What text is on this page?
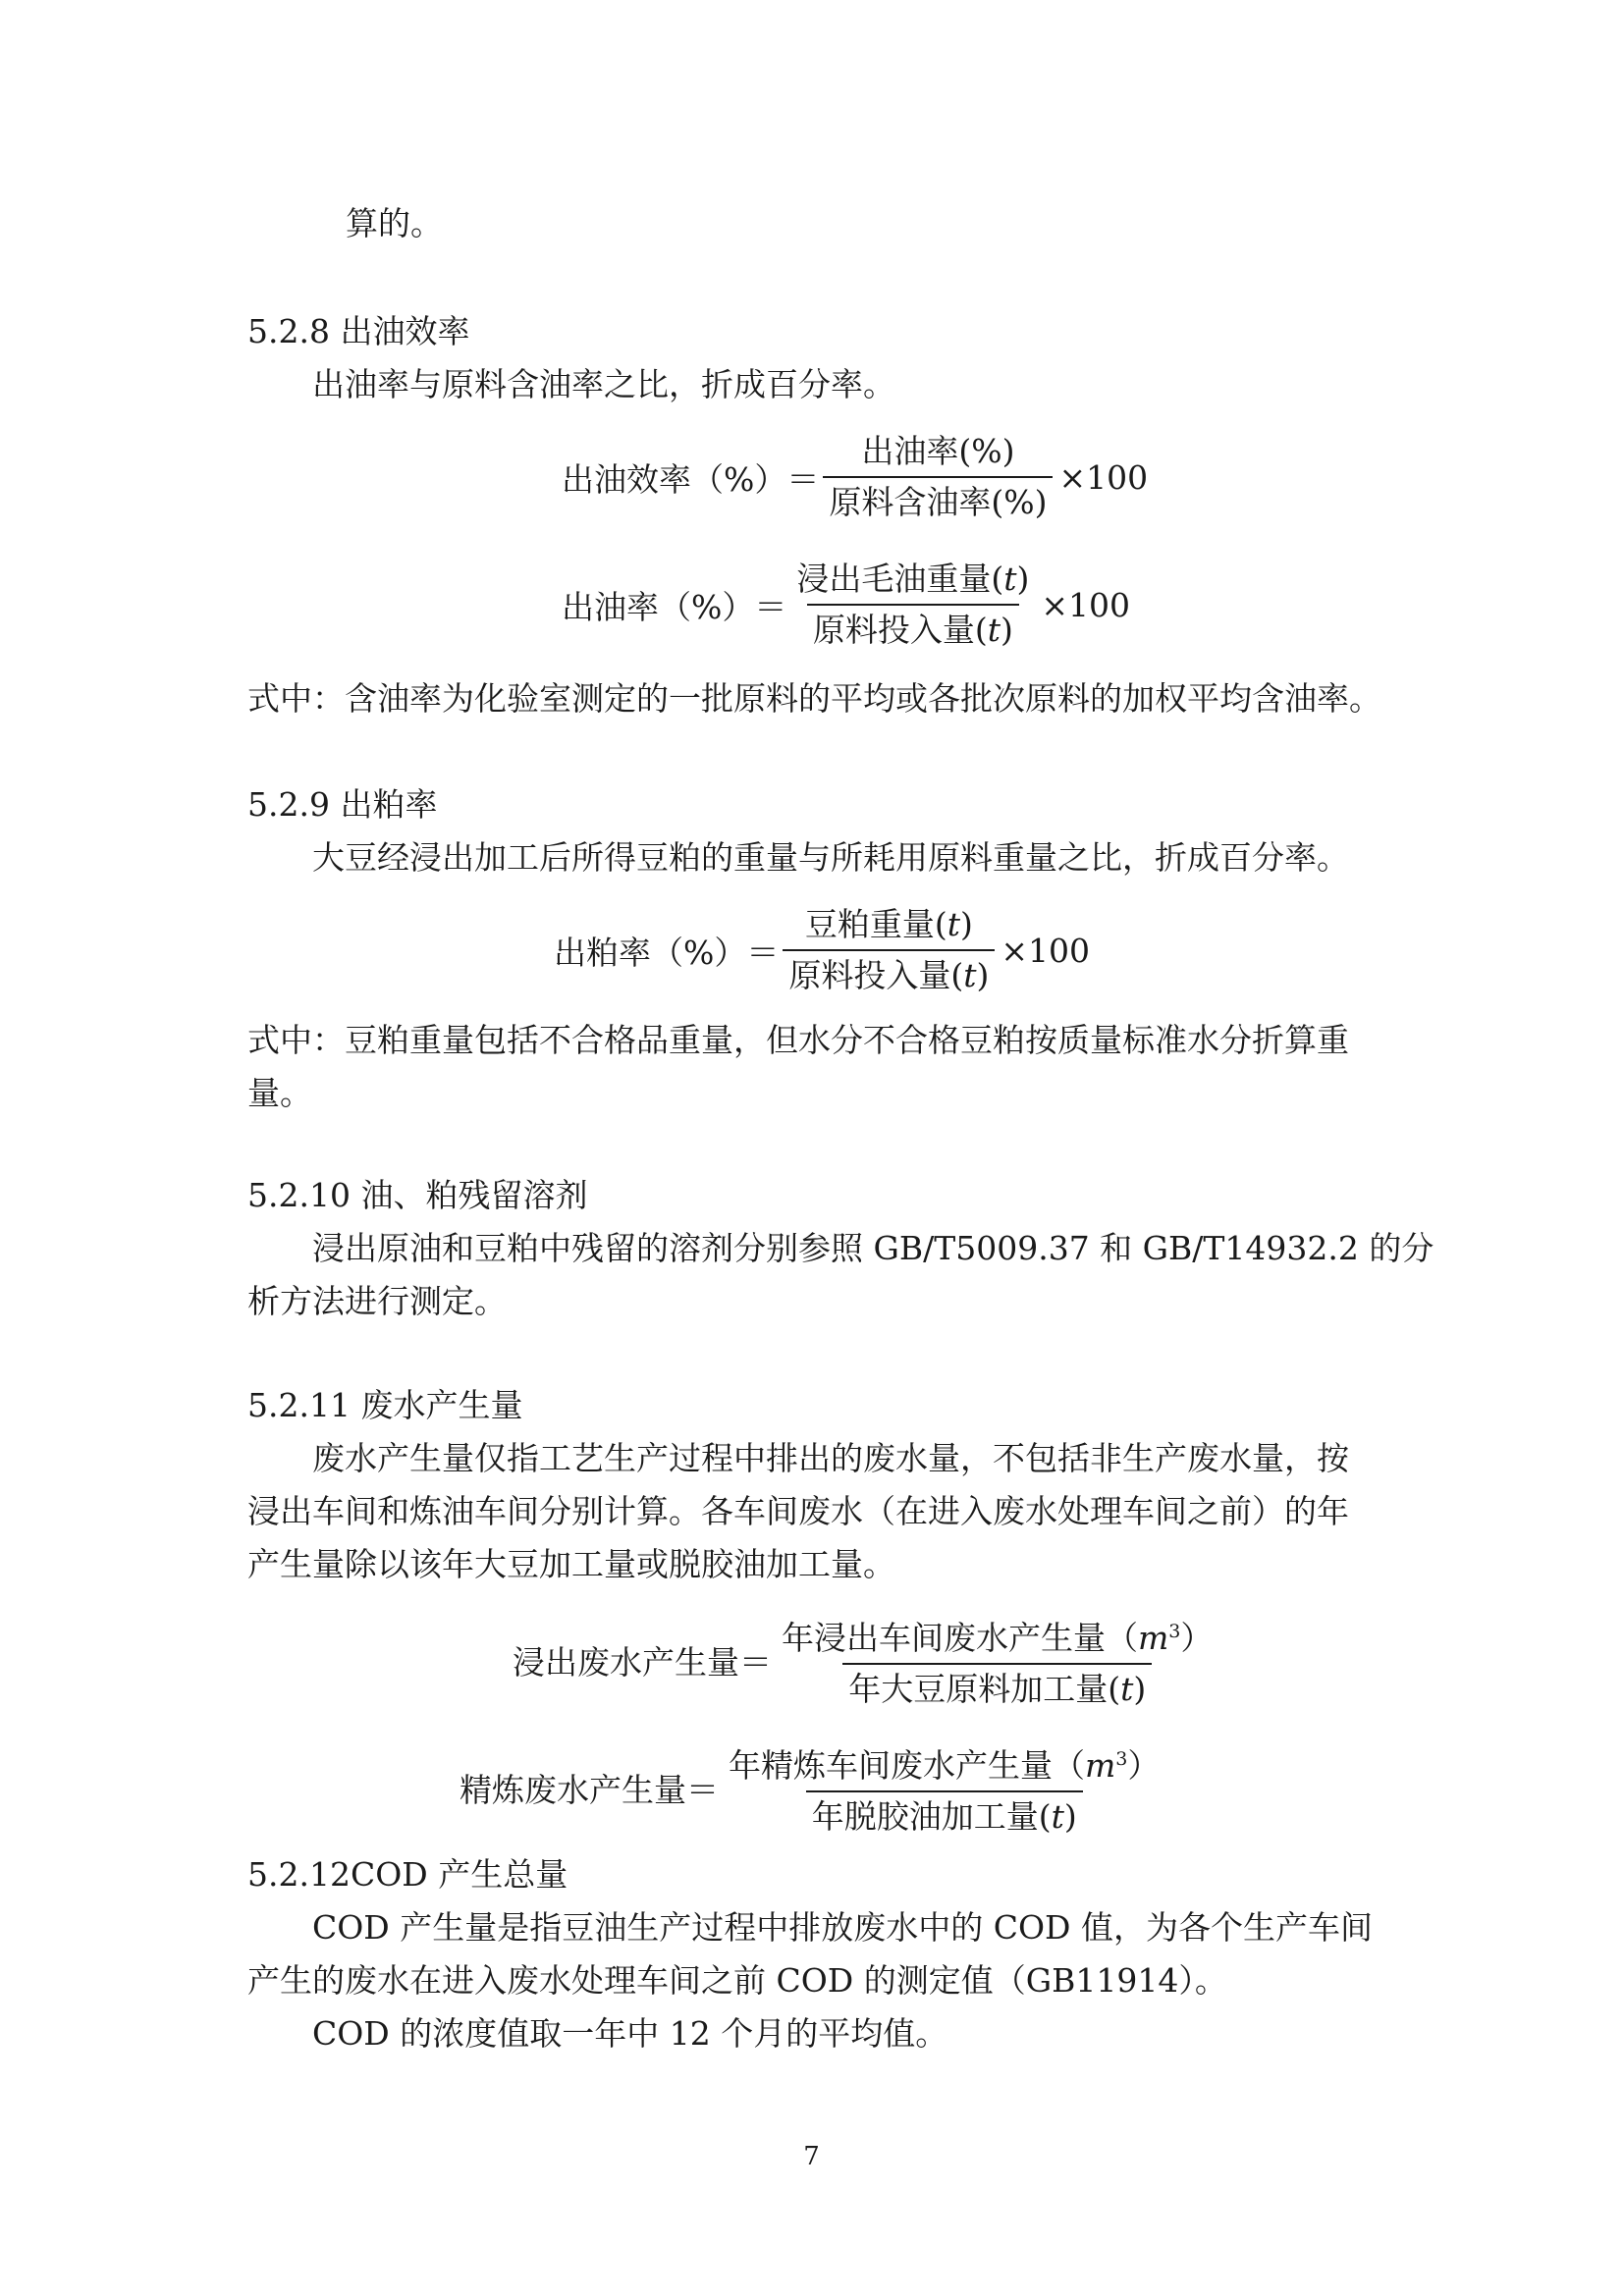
算的。
5.2.8 出油效率
出油率与原料含油率之比，折成百分率。
出油效率（%）＝ $\frac{\text{出油率(\%)}}{\text{原料含油率(\%)}} \times 100$
出油率（%）＝ $\frac{\text{浸出毛油重量(t)}}{\text{原料投入量(t)}} \times 100$
式中：含油率为化验室测定的一批原料的平均或各批次原料的加权平均含油率。
5.2.9 出粕率
大豆经浸出加工后所得豆粕的重量与所耗用原料重量之比，折成百分率。
出粕率（%）＝ $\frac{\text{豆粕重量(t)}}{\text{原料投入量(t)}} \times 100$
式中：豆粕重量包括不合格品重量，但水分不合格豆粕按质量标准水分折算重
量。
5.2.10 油、粕残留溶剂
浸出原油和豆粕中残留的溶剂分别参照 GB/T5009.37 和 GB/T14932.2 的分
析方法进行测定。
5.2.11 废水产生量
废水产生量仅指工艺生产过程中排出的废水量，不包括非生产废水量，按
浸出车间和炼油车间分别计算。各车间废水（在进入废水处理车间之前）的年
产生量除以该年大豆加工量或脱胶油加工量。
浸出废水产生量＝ $\frac{年浸出车间废水产生量(m^3)}{\text{年大豆原料加工量(t)}}$
精炼废水产生量＝ $\frac{年精炼车间废水产生量(m^3)}{\text{年脱胶油加工量(t)}}$
5.2.12COD 产生总量
COD 产生量是指豆油生产过程中排放废水中的 COD 值，为各个生产车间
产生的废水在进入废水处理车间之前 COD 的测定值（GB11914）。
COD 的浓度值取一年中 12 个月的平均值。
7
